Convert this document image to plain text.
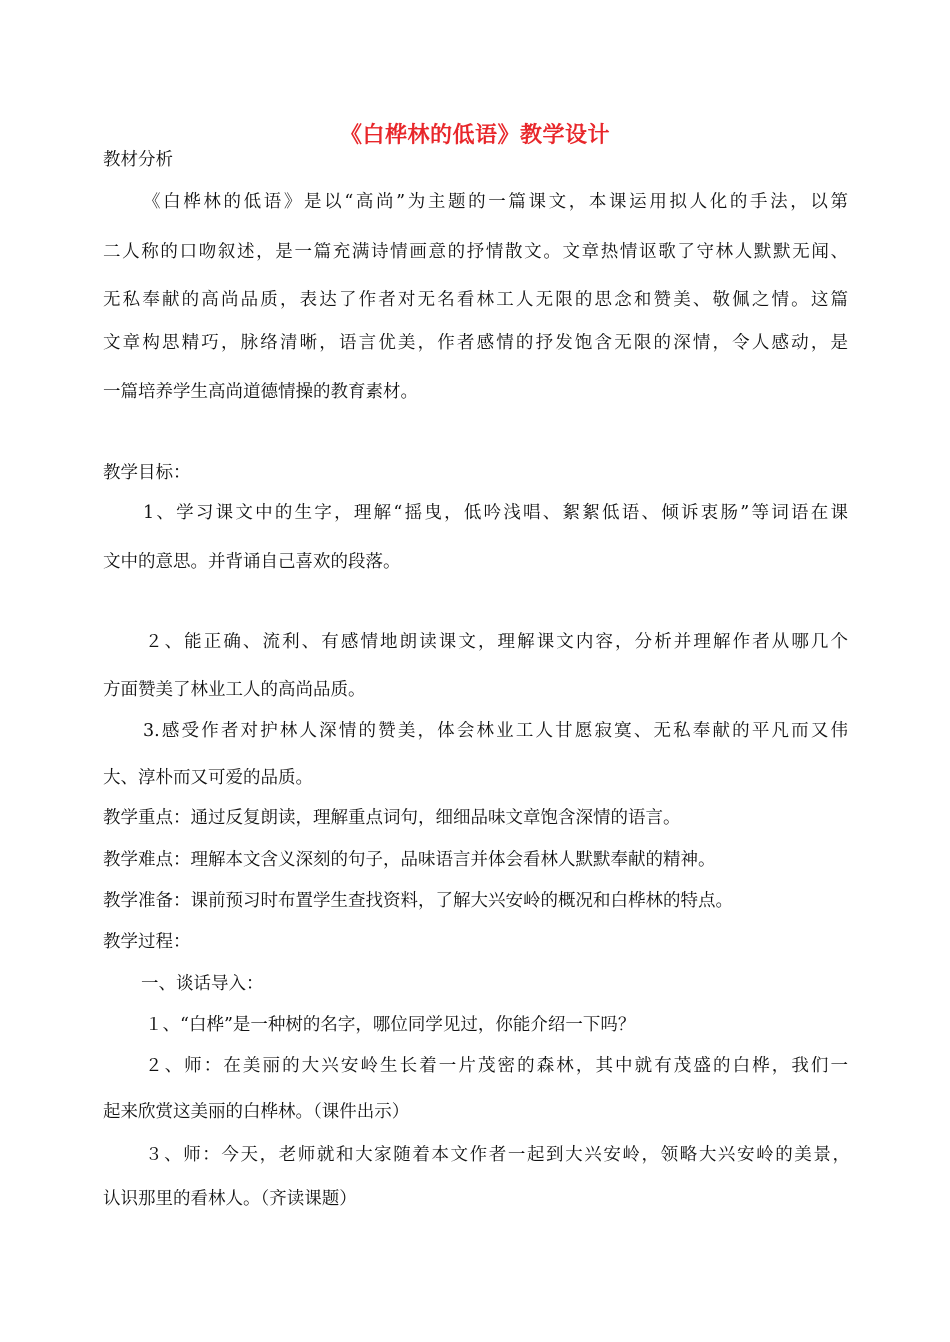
《白桦林的低语》教学设计
教材分析
《白桦林的低语》是以“高尚”为主题的一篇课文，本课运用拟人化的手法，以第
二人称的口吻叙述，是一篇充满诗情画意的抒情散文。文章热情讴歌了守林人默默无闻、
无私奉献的高尚品质，表达了作者对无名看林工人无限的思念和赞美、敬佩之情。这篇
文章构思精巧，脉络清晰，语言优美，作者感情的抒发饱含无限的深情，令人感动，是
一篇培养学生高尚道德情操的教育素材。
教学目标：
1、学习课文中的生字，理解“摇曳，低吟浅唱、絮絮低语、倾诉衷肠”等词语在课
文中的意思。并背诵自己喜欢的段落。
２、能正确、流利、有感情地朗读课文，理解课文内容，分析并理解作者从哪几个
方面赞美了林业工人的高尚品质。
3.感受作者对护林人深情的赞美，体会林业工人甘愿寂寞、无私奉献的平凡而又伟
大、淳朴而又可爱的品质。
教学重点：通过反复朗读，理解重点词句，细细品味文章饱含深情的语言。
教学难点：理解本文含义深刻的句子，品味语言并体会看林人默默奉献的精神。
教学准备：课前预习时布置学生查找资料，了解大兴安岭的概况和白桦林的特点。
教学过程：
一、谈话导入：
１、“白桦”是一种树的名字，哪位同学见过，你能介绍一下吗？
２、师：在美丽的大兴安岭生长着一片茂密的森林，其中就有茂盛的白桦，我们一
起来欣赏这美丽的白桦林。（课件出示）
３、师：今天，老师就和大家随着本文作者一起到大兴安岭，领略大兴安岭的美景，
认识那里的看林人。（齐读课题）
